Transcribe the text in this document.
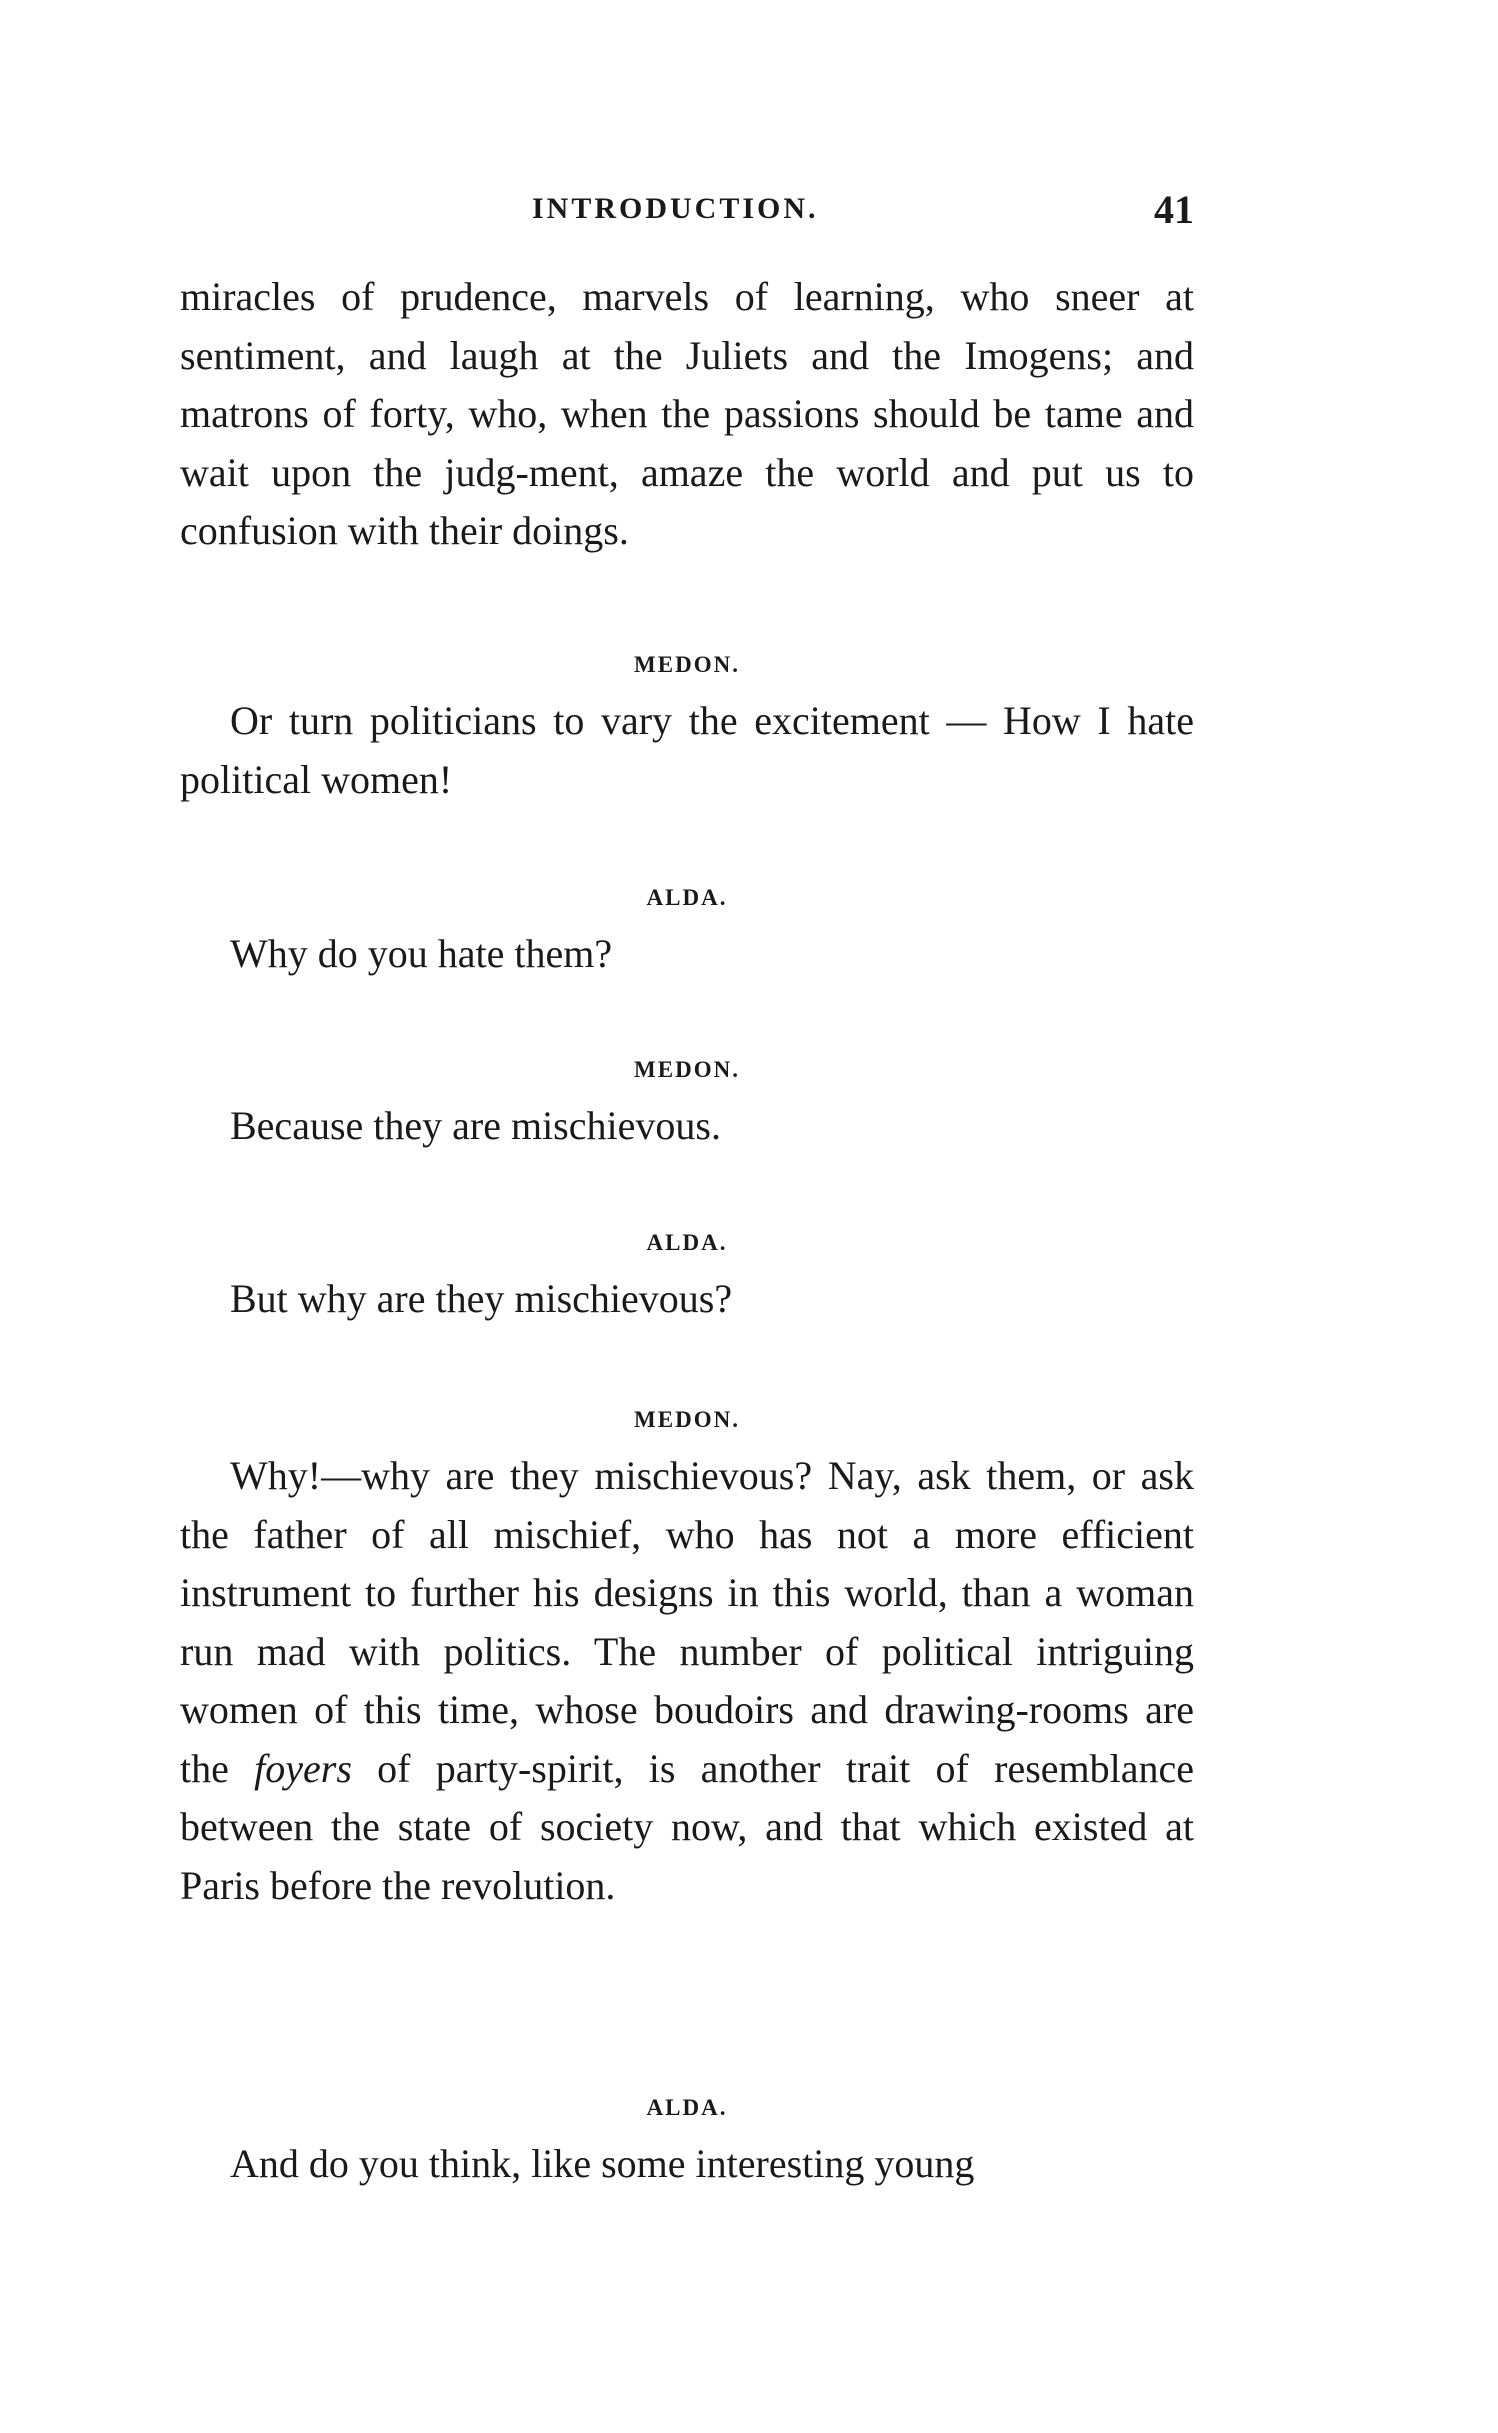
INTRODUCTION.	41

miracles of prudence, marvels of learning, who sneer at sentiment, and laugh at the Juliets and the Imogens; and matrons of forty, who, when the passions should be tame and wait upon the judg-ment, amaze the world and put us to confusion with their doings.

MEDON.

Or turn politicians to vary the excitement — How I hate political women!

ALDA.

Why do you hate them?

MEDON.

Because they are mischievous.

ALDA.

But why are they mischievous?

MEDON.

Why!—why are they mischievous? Nay, ask them, or ask the father of all mischief, who has not a more efficient instrument to further his designs in this world, than a woman run mad with politics. The number of political intriguing women of this time, whose boudoirs and drawing-rooms are the foyers of party-spirit, is another trait of resemblance between the state of society now, and that which existed at Paris before the revolution.

ALDA.

And do you think, like some interesting young
